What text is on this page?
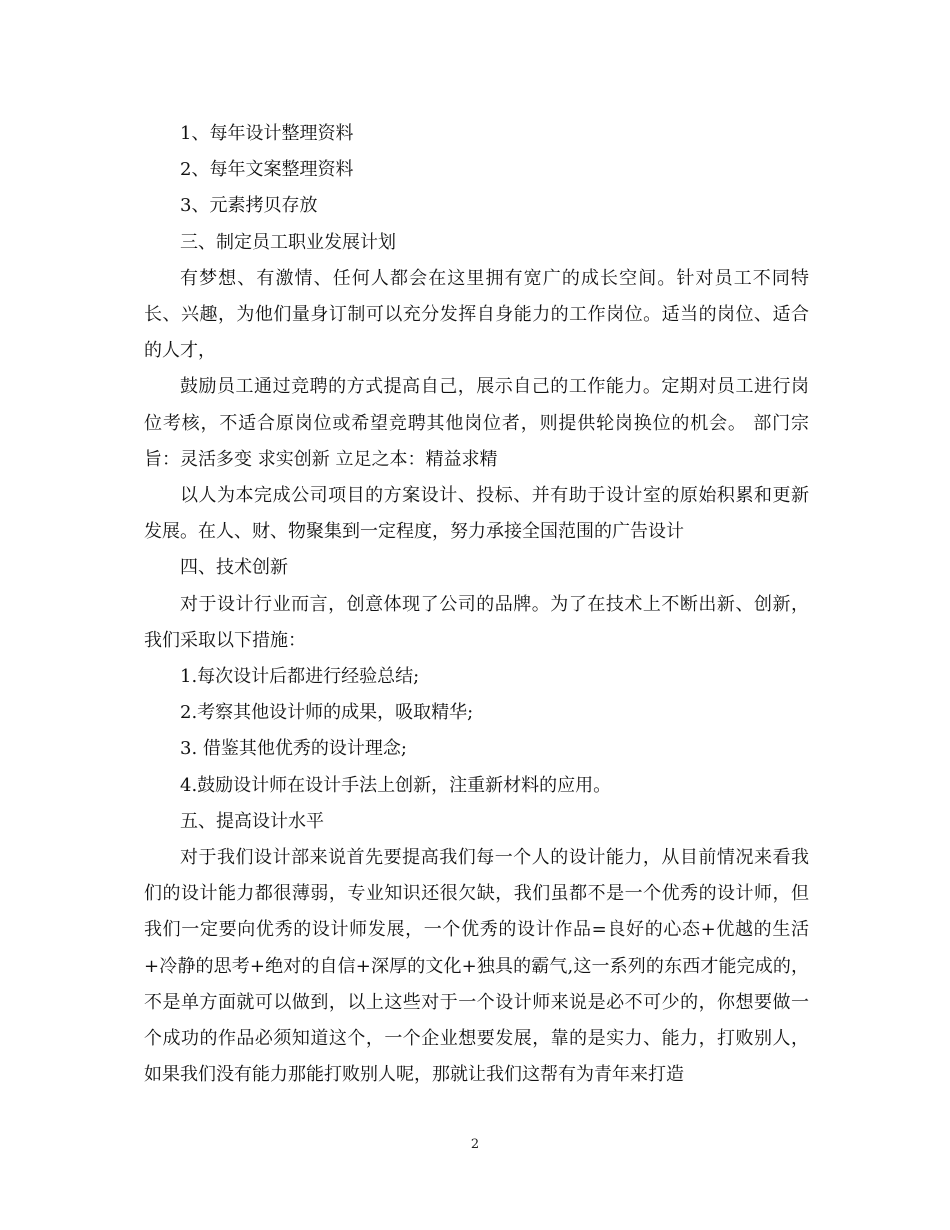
1、每年设计整理资料

2、每年文案整理资料

3、元素拷贝存放

三、制定员工职业发展计划

有梦想、有激情、任何人都会在这里拥有宽广的成长空间。针对员工不同特长、兴趣，为他们量身订制可以充分发挥自身能力的工作岗位。适当的岗位、适合的人才，

鼓励员工通过竞聘的方式提高自己，展示自己的工作能力。定期对员工进行岗位考核，不适合原岗位或希望竞聘其他岗位者，则提供轮岗换位的机会。 部门宗旨：灵活多变 求实创新 立足之本：精益求精

以人为本完成公司项目的方案设计、投标、并有助于设计室的原始积累和更新发展。在人、财、物聚集到一定程度，努力承接全国范围的广告设计

四、技术创新

对于设计行业而言，创意体现了公司的品牌。为了在技术上不断出新、创新，我们采取以下措施：

1.每次设计后都进行经验总结;

2.考察其他设计师的成果，吸取精华;

3. 借鉴其他优秀的设计理念;

4.鼓励设计师在设计手法上创新，注重新材料的应用。

五、提高设计水平

对于我们设计部来说首先要提高我们每一个人的设计能力，从目前情况来看我们的设计能力都很薄弱，专业知识还很欠缺，我们虽都不是一个优秀的设计师，但我们一定要向优秀的设计师发展，一个优秀的设计作品=良好的心态+优越的生活+冷静的思考+绝对的自信+深厚的文化+独具的霸气,这一系列的东西才能完成的，不是单方面就可以做到，以上这些对于一个设计师来说是必不可少的，你想要做一个成功的作品必须知道这个，一个企业想要发展，靠的是实力、能力，打败别人，如果我们没有能力那能打败别人呢，那就让我们这帮有为青年来打造

2
